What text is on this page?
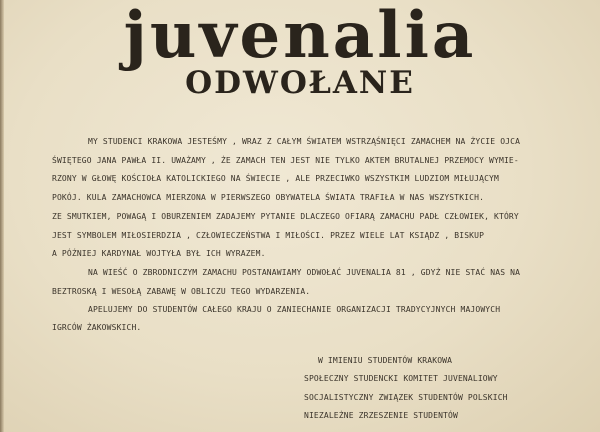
juvenalia
ODWOŁANE
MY STUDENCI KRAKOWA JESTEŚMY , WRAZ Z CAŁYM ŚWIATEM WSTRZĄŚNIĘCI ZAMACHEM NA ŻYCIE OJCA
ŚWIĘTEGO JANA PAWŁA II. UWAŻAMY , ŻE ZAMACH TEN JEST NIE TYLKO AKTEM BRUTALNEJ PRZEMOCY WYMIE-
RZONY W GŁOWĘ KOŚCIOŁA KATOLICKIEGO NA ŚWIECIE , ALE PRZECIWKO WSZYSTKIM LUDZIOM MIŁUJĄCYM
POKÓJ. KULA ZAMACHOWCA MIERZONA W PIERWSZEGO OBYWATELA ŚWIATA TRAFIŁA W NAS WSZYSTKICH.
ZE SMUTKIEM, POWAGĄ I OBURZENIEM ZADAJEMY PYTANIE DLACZEGO OFIARĄ ZAMACHU PADŁ CZŁOWIEK, KTÓRY
JEST SYMBOLEM MIŁOSIERDZIA , CZŁOWIECZEŃSTWA I MIŁOŚCI. PRZEZ WIELE LAT KSIĄDZ , BISKUP
A PÓŹNIEJ KARDYNAŁ WOJTYŁA BYŁ ICH WYRAZEM.
NA WIEŚĆ O ZBRODNICZYM ZAMACHU POSTANAWIAMY ODWOŁAĆ JUVENALIA 81 , GDYŻ NIE STAĆ NAS NA
BEZTROSKĄ I WESOŁĄ ZABAWĘ W OBLICZU TEGO WYDARZENIA.
APELUJEMY DO STUDENTÓW CAŁEGO KRAJU O ZANIECHANIE ORGANIZACJI TRADYCYJNYCH MAJOWYCH
IGRCÓW ŻAKOWSKICH.
W IMIENIU STUDENTÓW KRAKOWA
SPOŁECZNY STUDENCKI KOMITET JUVENALIOWY
SOCJALISTYCZNY ZWIĄZEK STUDENTÓW POLSKICH
NIEZALEŻNE ZRZESZENIE STUDENTÓW
